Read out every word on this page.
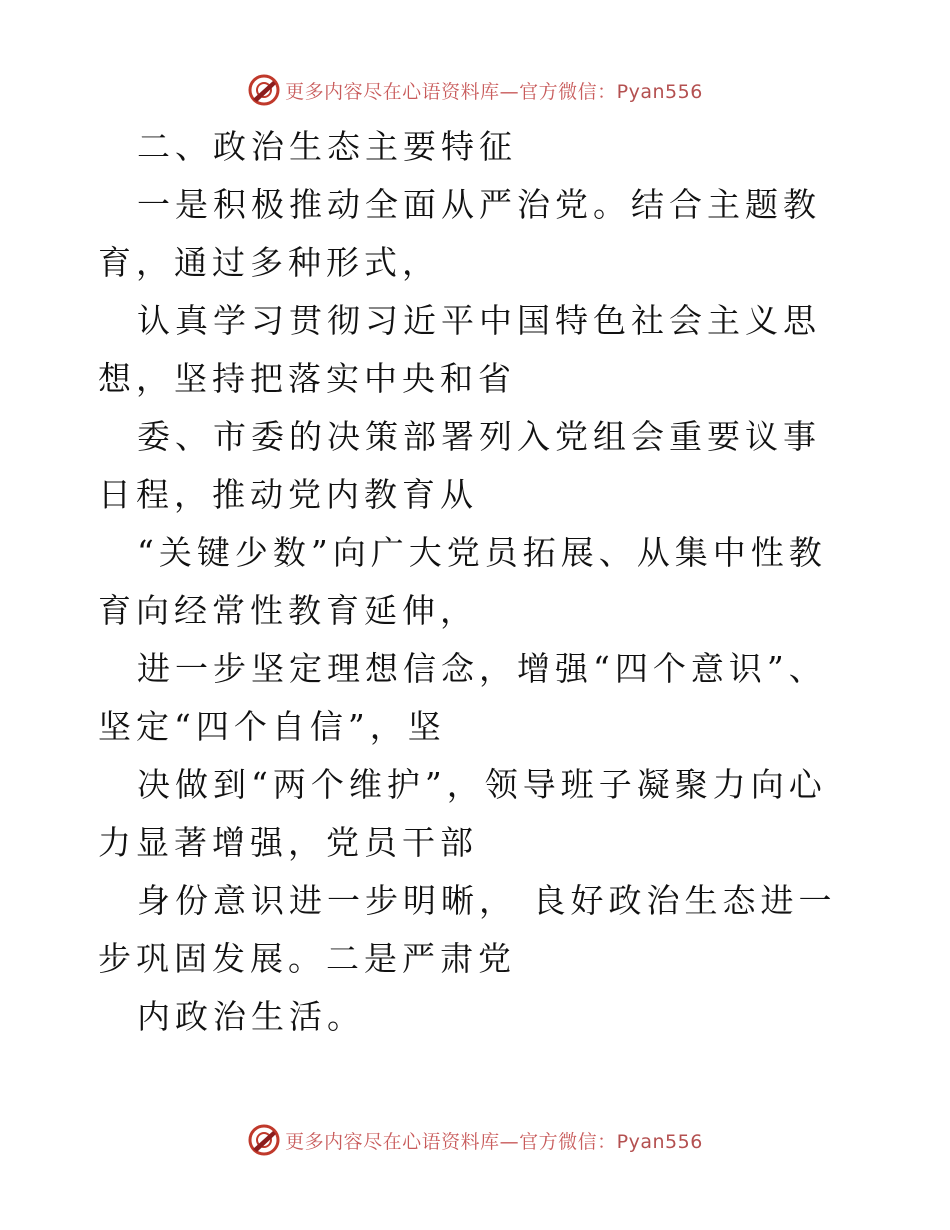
更多内容尽在心语资料库—官方微信：Pyan556

二、政治生态主要特征

一是积极推动全面从严治党。结合主题教育，通过多种形式，

认真学习贯彻习近平中国特色社会主义思想，坚持把落实中央和省

委、市委的决策部署列入党组会重要议事日程，推动党内教育从

“关键少数”向广大党员拓展、从集中性教育向经常性教育延伸，

进一步坚定理想信念，增强“四个意识”、坚定“四个自信”，坚

决做到“两个维护”，领导班子凝聚力向心力显著增强，党员干部

身份意识进一步明晰， 良好政治生态进一步巩固发展。二是严肃党

内政治生活。

更多内容尽在心语资料库—官方微信：Pyan556
